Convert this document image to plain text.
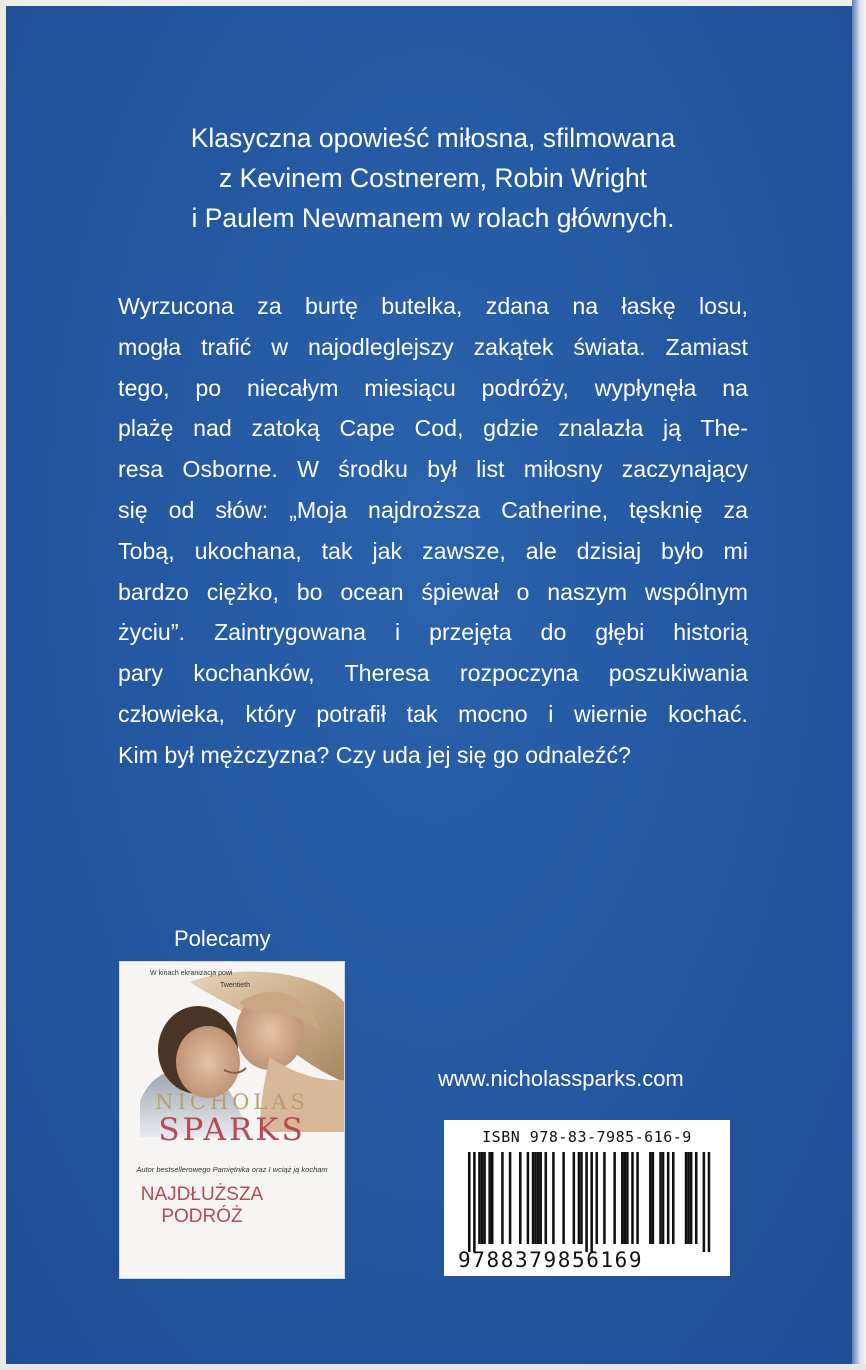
Klasyczna opowieść miłosna, sfilmowana
z Kevinem Costnerem, Robin Wright
i Paulem Newmanem w rolach głównych.
Wyrzucona za burtę butelka, zdana na łaskę losu,
mogła trafić w najodleglejszy zakątek świata. Zamiast
tego, po niecałym miesiącu podróży, wypłynęła na
plażę nad zatoką Cape Cod, gdzie znalazła ją The-
resa Osborne. W środku był list miłosny zaczynający
się od słów: „Moja najdroższa Catherine, tęsknię za
Tobą, ukochana, tak jak zawsze, ale dzisiaj było mi
bardzo ciężko, bo ocean śpiewał o naszym wspólnym
życiu”. Zaintrygowana i przejęta do głębi historią
pary kochanków, Theresa rozpoczyna poszukiwania
człowieka, który potrafił tak mocno i wiernie kochać.
Kim był mężczyzna? Czy uda jej się go odnaleźć?
Polecamy
W kinach ekranizacja powi
Twentieth
NICHOLAS
SPARKS
Autor bestsellerowego Pamiętnika oraz I wciąż ją kocham
NAJDŁUŻSZA
PODRÓŻ
www.nicholassparks.com
ISBN 978-83-7985-616-9
9788379856169
